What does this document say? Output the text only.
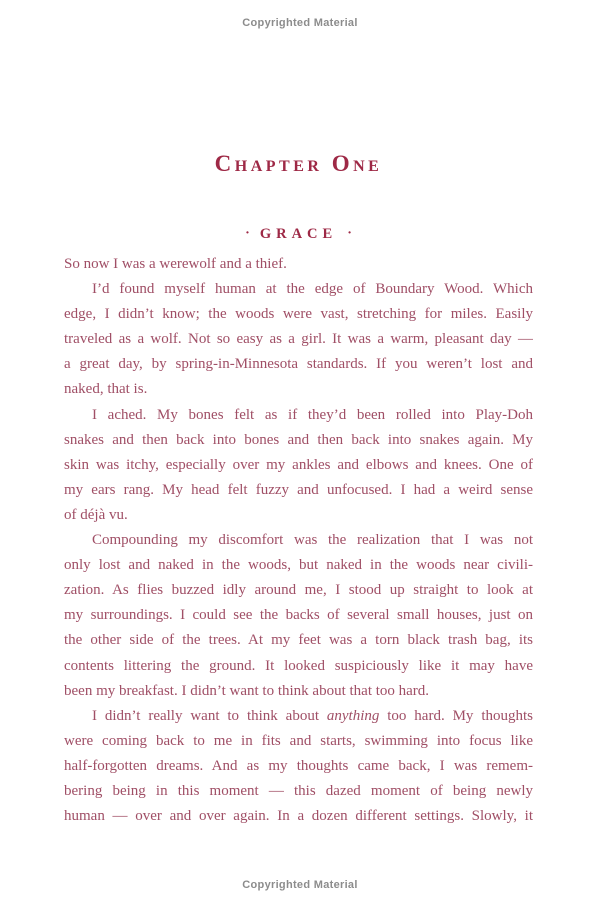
Copyrighted Material
Chapter One
· GRACE ·
So now I was a werewolf and a thief.
I’d found myself human at the edge of Boundary Wood. Which
edge, I didn’t know; the woods were vast, stretching for miles. Easily
traveled as a wolf. Not so easy as a girl. It was a warm, pleasant day —
a great day, by spring-in-Minnesota standards. If you weren’t lost and
naked, that is.
I ached. My bones felt as if they’d been rolled into Play-Doh
snakes and then back into bones and then back into snakes again. My
skin was itchy, especially over my ankles and elbows and knees. One of
my ears rang. My head felt fuzzy and unfocused. I had a weird sense
of déjà vu.
Compounding my discomfort was the realization that I was not
only lost and naked in the woods, but naked in the woods near civili-
zation. As flies buzzed idly around me, I stood up straight to look at
my surroundings. I could see the backs of several small houses, just on
the other side of the trees. At my feet was a torn black trash bag, its
contents littering the ground. It looked suspiciously like it may have
been my breakfast. I didn’t want to think about that too hard.
I didn’t really want to think about anything too hard. My thoughts
were coming back to me in fits and starts, swimming into focus like
half-forgotten dreams. And as my thoughts came back, I was remem-
bering being in this moment — this dazed moment of being newly
human — over and over again. In a dozen different settings. Slowly, it
Copyrighted Material
